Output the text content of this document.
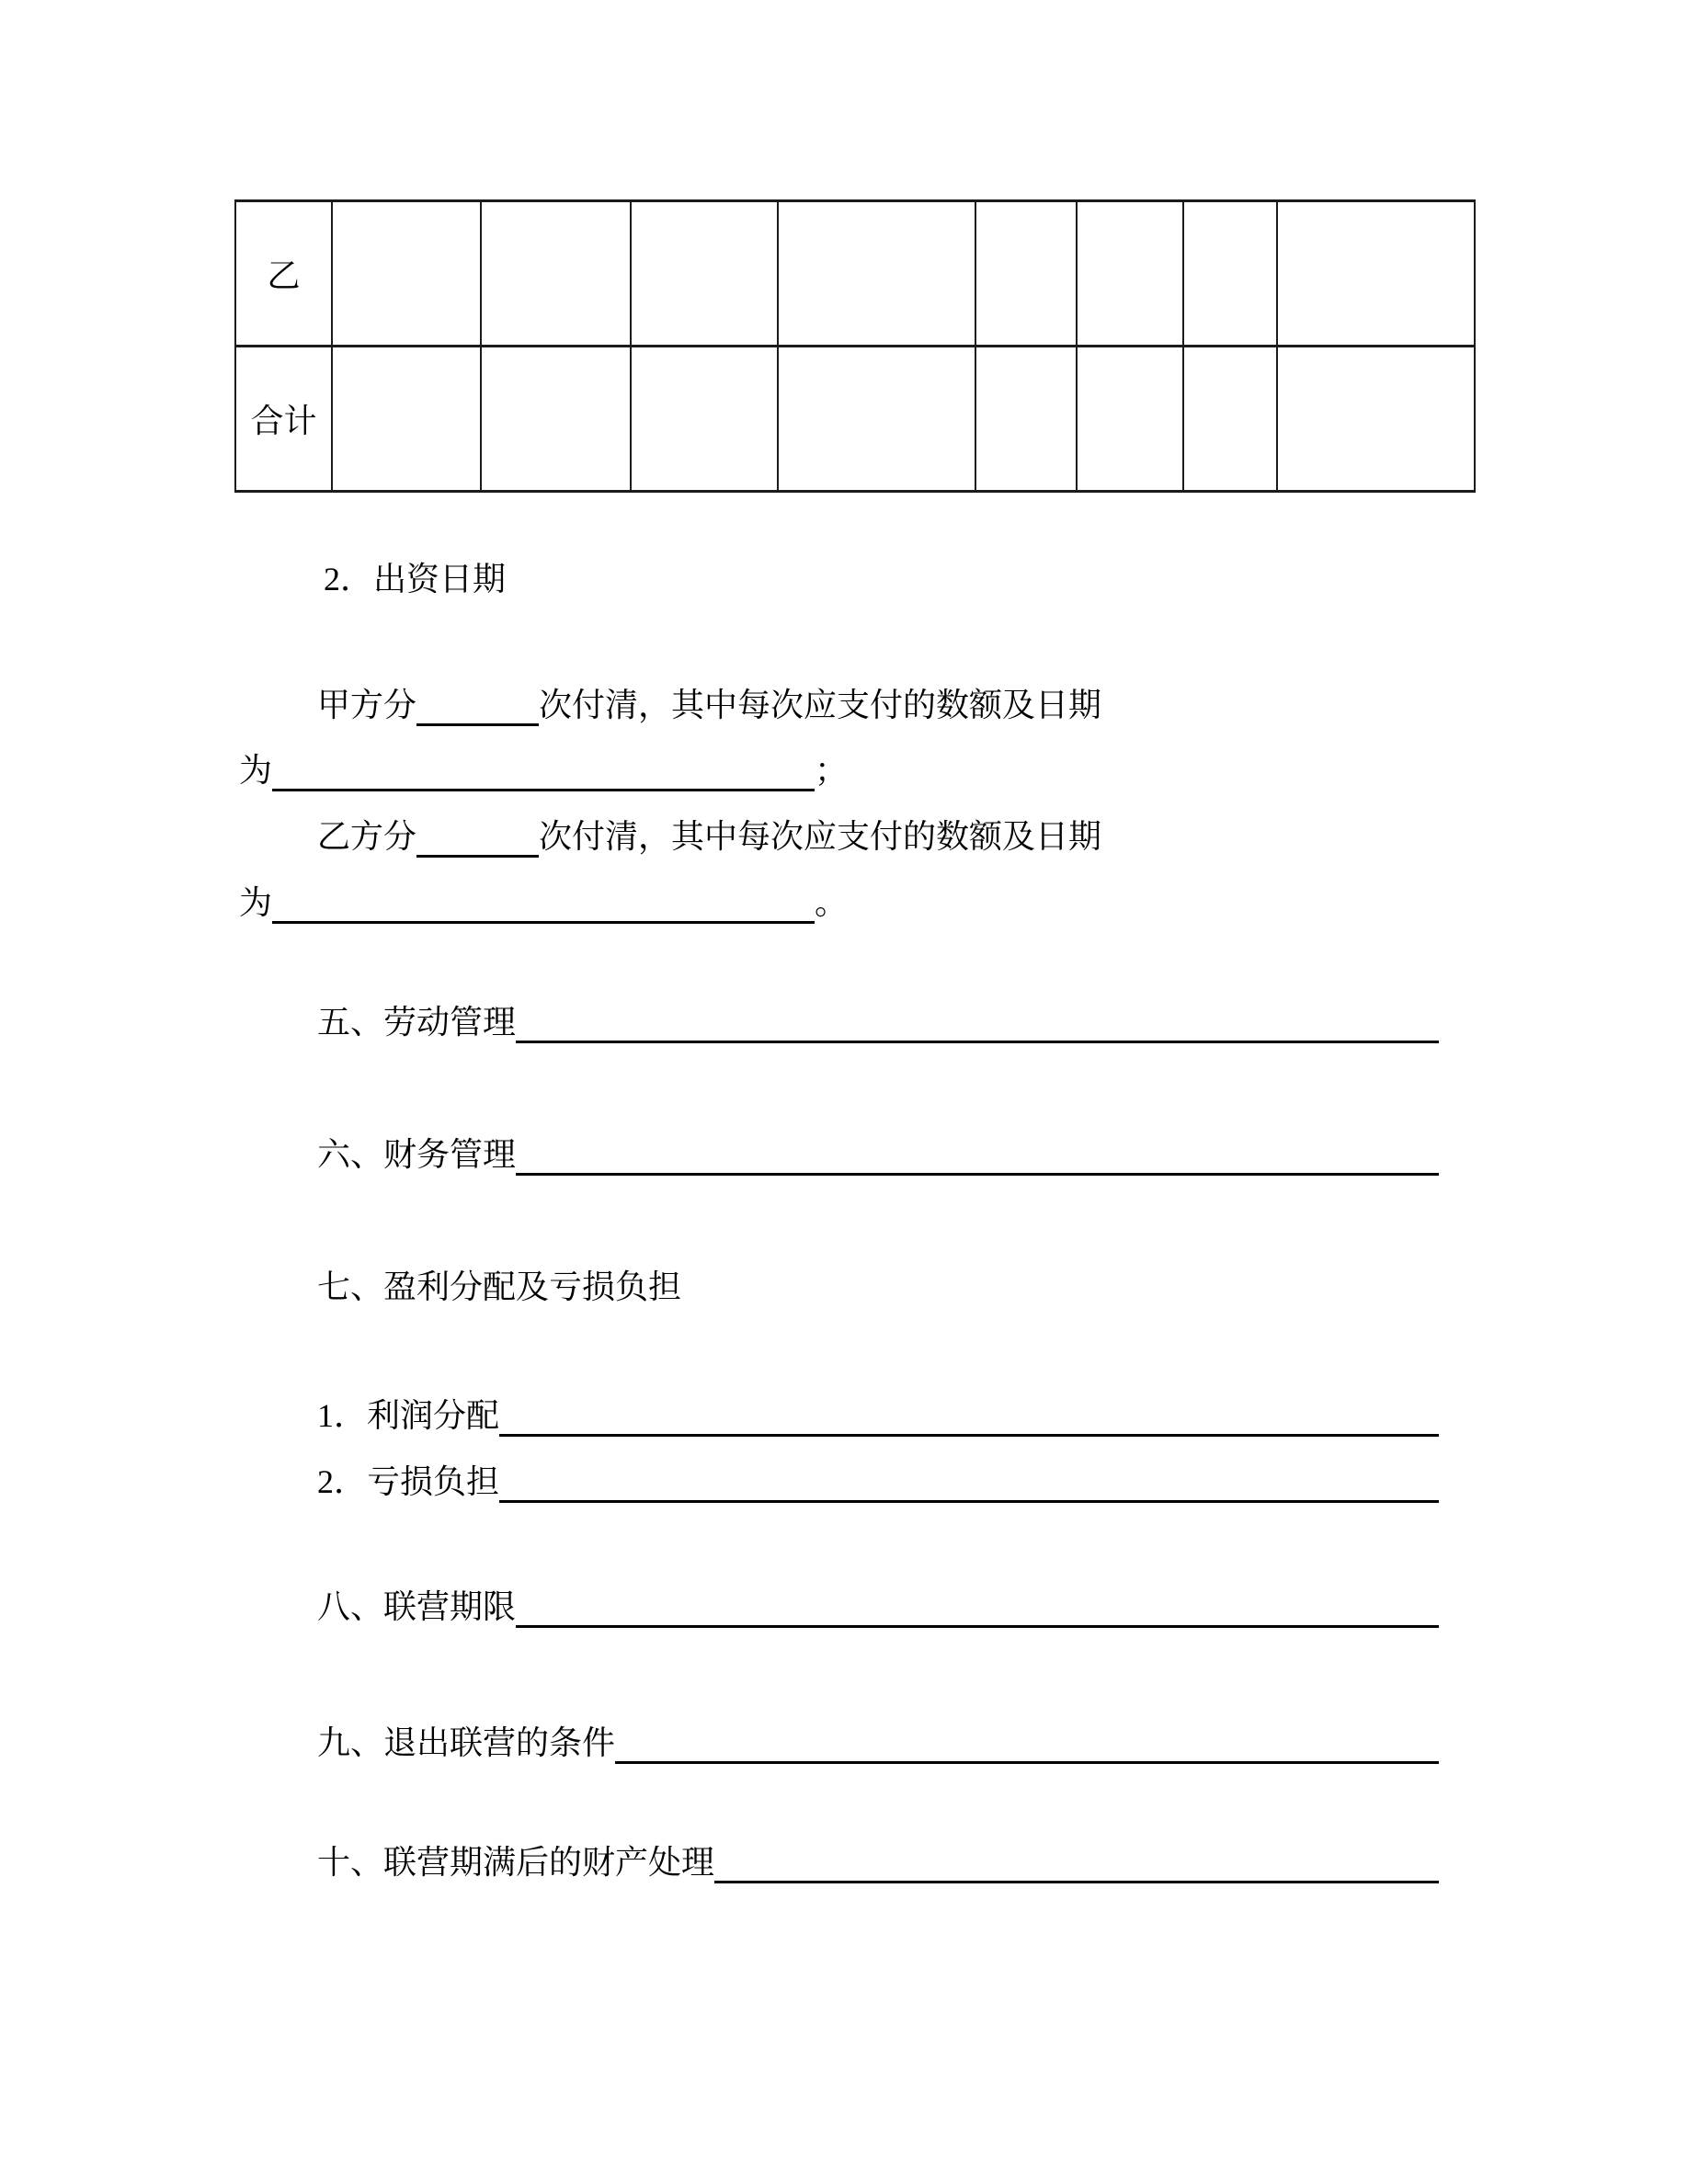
乙								
合计								
2．出资日期
甲方分	次付清，其中每次应支付的数额及日期
为	；
乙方分	次付清，其中每次应支付的数额及日期
为	。
五、劳动管理
六、财务管理
七、盈利分配及亏损负担
1．利润分配
2．亏损负担
八、联营期限
九、退出联营的条件
十、联营期满后的财产处理
